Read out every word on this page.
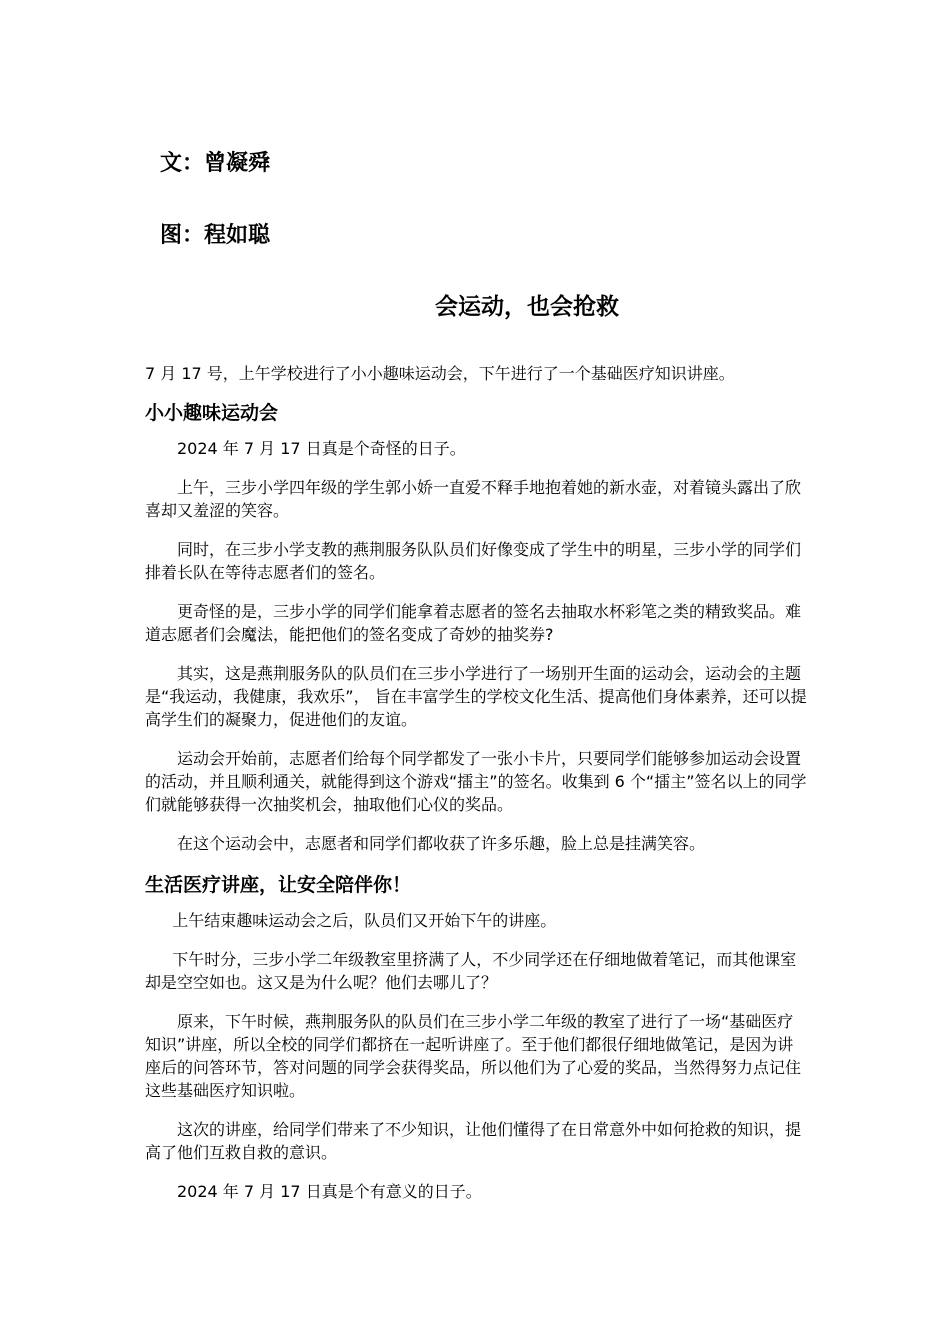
文：曾凝舜
图：程如聪
会运动，也会抢救

7 月 17 号，上午学校进行了小小趣味运动会，下午进行了一个基础医疗知识讲座。

小小趣味运动会

2024 年 7 月 17 日真是个奇怪的日子。

上午，三步小学四年级的学生郭小娇一直爱不释手地抱着她的新水壶，对着镜头露出了欣喜却又羞涩的笑容。

同时，在三步小学支教的燕荆服务队队员们好像变成了学生中的明星，三步小学的同学们排着长队在等待志愿者们的签名。

更奇怪的是，三步小学的同学们能拿着志愿者的签名去抽取水杯彩笔之类的精致奖品。难道志愿者们会魔法，能把他们的签名变成了奇妙的抽奖券?

其实，这是燕荆服务队的队员们在三步小学进行了一场别开生面的运动会，运动会的主题是“我运动，我健康，我欢乐”， 旨在丰富学生的学校文化生活、提高他们身体素养，还可以提高学生们的凝聚力，促进他们的友谊。

运动会开始前，志愿者们给每个同学都发了一张小卡片，只要同学们能够参加运动会设置的活动，并且顺利通关，就能得到这个游戏“擂主”的签名。收集到 6 个“擂主”签名以上的同学们就能够获得一次抽奖机会，抽取他们心仪的奖品。

在这个运动会中，志愿者和同学们都收获了许多乐趣，脸上总是挂满笑容。

生活医疗讲座，让安全陪伴你！

上午结束趣味运动会之后，队员们又开始下午的讲座。

下午时分，三步小学二年级教室里挤满了人，不少同学还在仔细地做着笔记，而其他课室却是空空如也。这又是为什么呢？他们去哪儿了？

原来，下午时候，燕荆服务队的队员们在三步小学二年级的教室了进行了一场“基础医疗知识”讲座，所以全校的同学们都挤在一起听讲座了。至于他们都很仔细地做笔记，是因为讲座后的问答环节，答对问题的同学会获得奖品，所以他们为了心爱的奖品，当然得努力点记住这些基础医疗知识啦。

这次的讲座，给同学们带来了不少知识，让他们懂得了在日常意外中如何抢救的知识，提高了他们互救自救的意识。

2024 年 7 月 17 日真是个有意义的日子。
